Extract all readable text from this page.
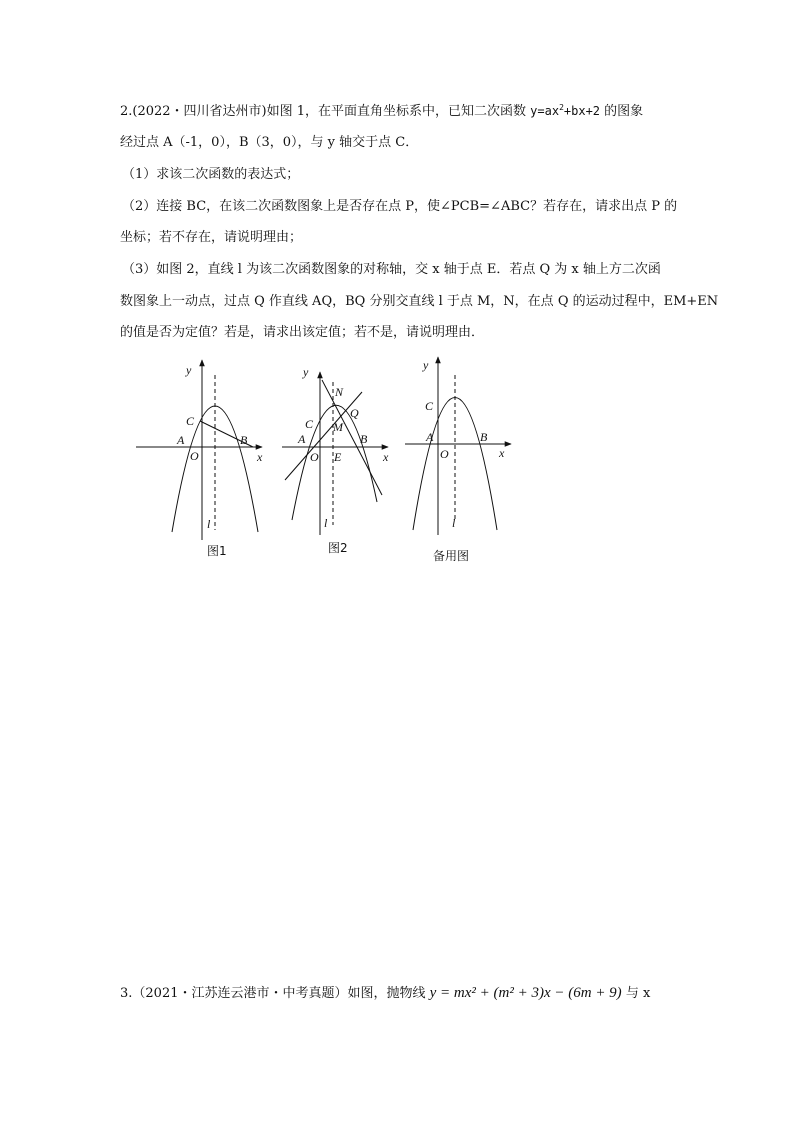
2.(2022・四川省达州市)如图 1，在平面直角坐标系中，已知二次函数 $y=ax^2+bx+2$ 的图象
经过点 A（-1，0），B（3，0），与 y 轴交于点 C．
（1）求该二次函数的表达式；
（2）连接 BC，在该二次函数图象上是否存在点 P，使∠PCB=∠ABC？若存在，请求出点 P 的
坐标；若不存在，请说明理由；
（3）如图 2，直线 l 为该二次函数图象的对称轴，交 x 轴于点 E．若点 Q 为 x 轴上方二次函
数图象上一动点，过点 Q 作直线 AQ，BQ 分别交直线 l 于点 M，N，在点 Q 的运动过程中，EM+EN
的值是否为定值？若是，请求出该定值；若不是，请说明理由．
y
x
O
A	B
C
l
图1
y
x
O
A	B
C
E
M
N
Q
l
图2
y
x
O
A	B
C
l
备用图
3.（2021・江苏连云港市・中考真题）如图，抛物线 y = mx² + (m² + 3)x − (6m + 9) 与 x
